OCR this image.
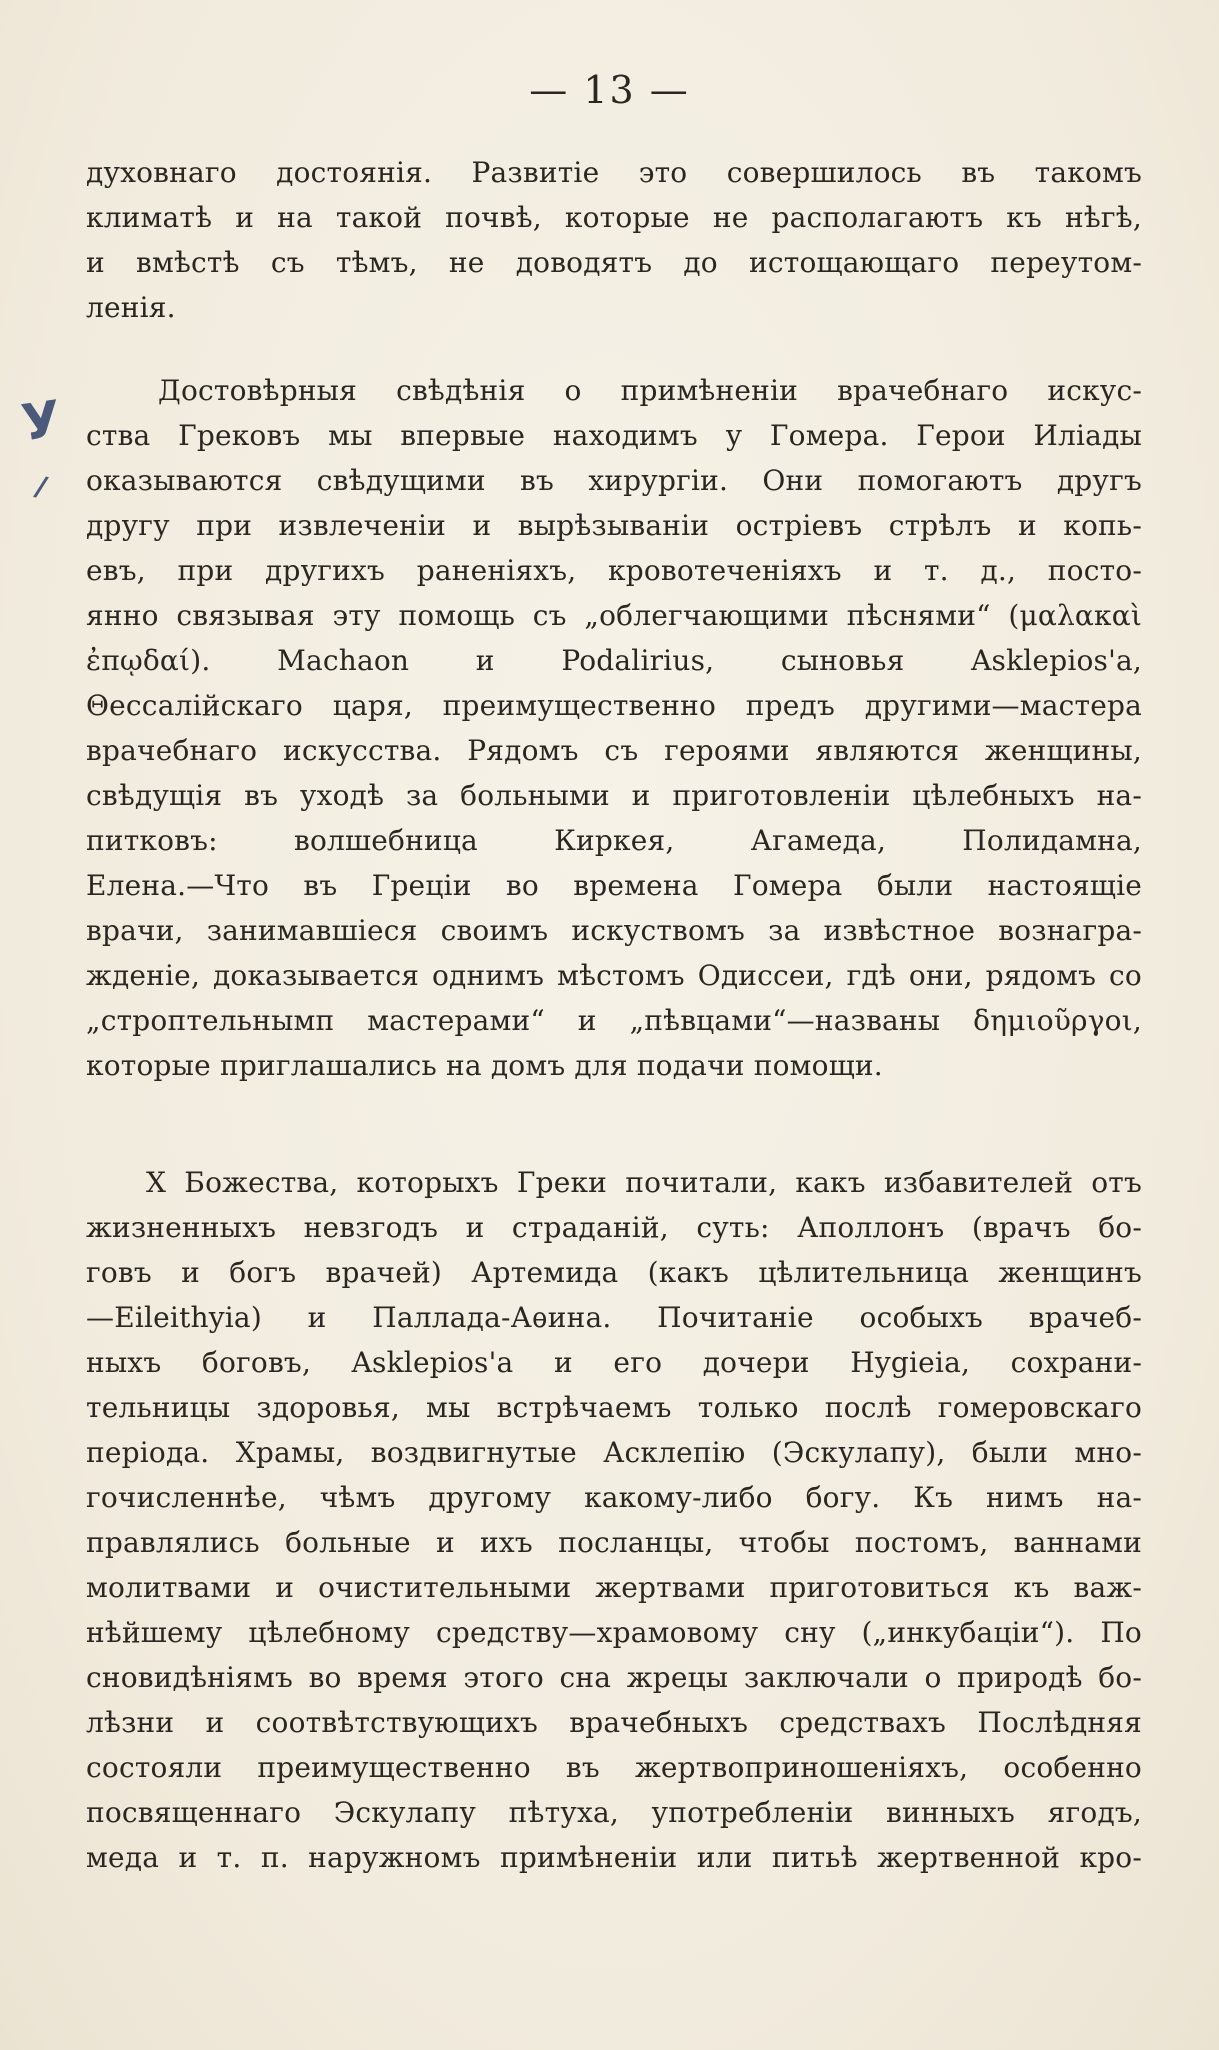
— 13 —
У
/
духовнаго достоянія. Развитіе это совершилось въ такомъ
климатѣ и на такой почвѣ, которые не располагаютъ къ нѣгѣ,
и вмѣстѣ съ тѣмъ, не доводятъ до истощающаго переутом-
ленія.
Достовѣрныя свѣдѣнія о примѣненіи врачебнаго искус-
ства Грековъ мы впервые находимъ у Гомера. Герои Иліады
оказываются свѣдущими въ хирургіи. Они помогаютъ другъ
другу при извлеченіи и вырѣзываніи остріевъ стрѣлъ и копь-
евъ, при другихъ раненіяхъ, кровотеченіяхъ и т. д., посто-
янно связывая эту помощь съ „облегчающими пѣснями“ (μαλακαὶ
ἐπῳδαί). Machaon и Podalirius, сыновья Asklepios'a,
Θессалійскаго царя, преимущественно предъ другими—мастера
врачебнаго искусства. Рядомъ съ героями являются женщины,
свѣдущія въ уходѣ за больными и приготовленіи цѣлебныхъ на-
питковъ: волшебница Киркея, Агамеда, Полидамна,
Елена.—Что въ Греціи во времена Гомера были настоящіе
врачи, занимавшіеся своимъ искуствомъ за извѣстное вознагра-
жденіе, доказывается однимъ мѣстомъ Одиссеи, гдѣ они, рядомъ со
„строптельнымп мастерами“ и „пѣвцами“—названы δημιοῦργοι,
которые приглашались на домъ для подачи помощи.
Х Божества, которыхъ Греки почитали, какъ избавителей отъ
жизненныхъ невзгодъ и страданій, суть: Аполлонъ (врачъ бо-
говъ и богъ врачей) Артемида (какъ цѣлительница женщинъ
—Eileithyia) и Паллада-Аѳина. Почитаніе особыхъ врачеб-
ныхъ боговъ, Asklepios'a и его дочери Hygieia, сохрани-
тельницы здоровья, мы встрѣчаемъ только послѣ гомеровскаго
періода. Храмы, воздвигнутые Асклепію (Эскулапу), были мно-
гочисленнѣе, чѣмъ другому какому-либо богу. Къ нимъ на-
правлялись больные и ихъ посланцы, чтобы постомъ, ваннами
молитвами и очистительными жертвами приготовиться къ важ-
нѣйшему цѣлебному средству—храмовому сну („инкубаціи“). По
сновидѣніямъ во время этого сна жрецы заключали о природѣ бо-
лѣзни и соотвѣтствующихъ врачебныхъ средствахъ Послѣдняя
состояли преимущественно въ жертвоприношеніяхъ, особенно
посвященнаго Эскулапу пѣтуха, употребленіи винныхъ ягодъ,
меда и т. п. наружномъ примѣненіи или питьѣ жертвенной кро-
